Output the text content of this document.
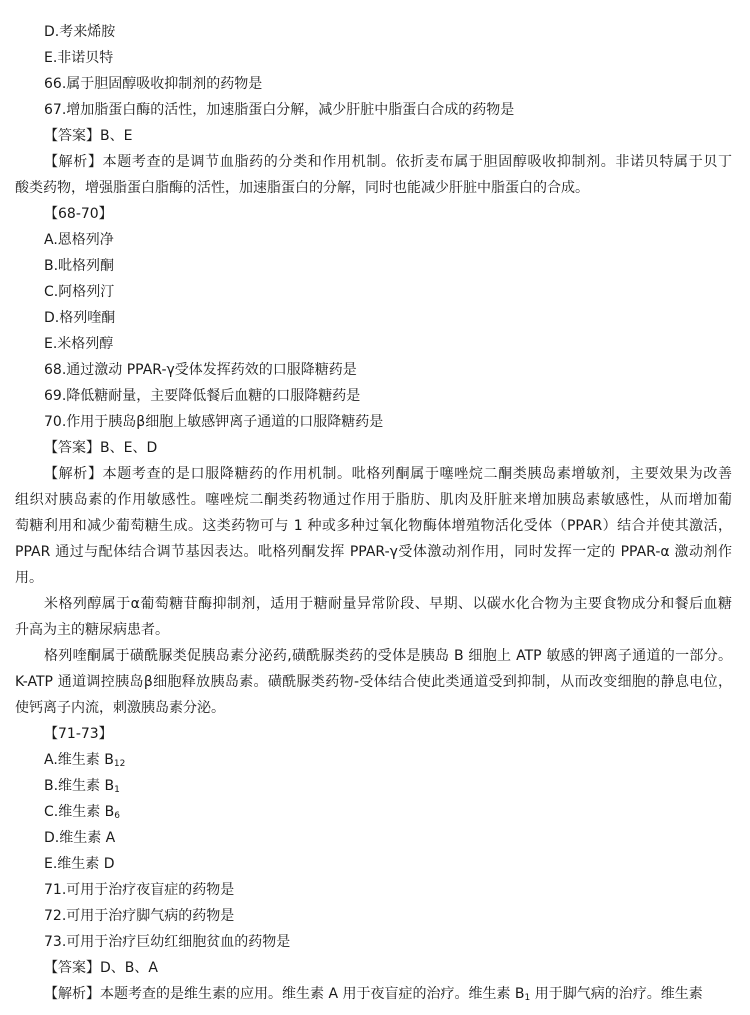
D.考来烯胺
E.非诺贝特
66.属于胆固醇吸收抑制剂的药物是
67.增加脂蛋白酶的活性，加速脂蛋白分解，减少肝脏中脂蛋白合成的药物是
【答案】B、E
【解析】本题考查的是调节血脂药的分类和作用机制。依折麦布属于胆固醇吸收抑制剂。非诺贝特属于贝丁
酸类药物，增强脂蛋白脂酶的活性，加速脂蛋白的分解，同时也能减少肝脏中脂蛋白的合成。
【68-70】
A.恩格列净
B.吡格列酮
C.阿格列汀
D.格列喹酮
E.米格列醇
68.通过激动 PPAR-γ受体发挥药效的口服降糖药是
69.降低糖耐量，主要降低餐后血糖的口服降糖药是
70.作用于胰岛β细胞上敏感钾离子通道的口服降糖药是
【答案】B、E、D
【解析】本题考查的是口服降糖药的作用机制。吡格列酮属于噻唑烷二酮类胰岛素增敏剂，主要效果为改善
组织对胰岛素的作用敏感性。噻唑烷二酮类药物通过作用于脂肪、肌肉及肝脏来增加胰岛素敏感性，从而增加葡
萄糖利用和减少葡萄糖生成。这类药物可与 1 种或多种过氧化物酶体增殖物活化受体（PPAR）结合并使其激活，
PPAR 通过与配体结合调节基因表达。吡格列酮发挥 PPAR-γ受体激动剂作用，同时发挥一定的 PPAR-α 激动剂作
用。
米格列醇属于α葡萄糖苷酶抑制剂，适用于糖耐量异常阶段、早期、以碳水化合物为主要食物成分和餐后血糖
升高为主的糖尿病患者。
格列喹酮属于磺酰脲类促胰岛素分泌药,磺酰脲类药的受体是胰岛 B 细胞上 ATP 敏感的钾离子通道的一部分。
K-ATP 通道调控胰岛β细胞释放胰岛素。磺酰脲类药物-受体结合使此类通道受到抑制，从而改变细胞的静息电位，
使钙离子内流，刺激胰岛素分泌。
【71-73】
A.维生素 $B_{12}$
B.维生素 $B_1$
C.维生素 $B_6$
D.维生素 A
E.维生素 D
71.可用于治疗夜盲症的药物是
72.可用于治疗脚气病的药物是
73.可用于治疗巨幼红细胞贫血的药物是
【答案】D、B、A
【解析】本题考查的是维生素的应用。维生素 A 用于夜盲症的治疗。维生素 $B_1$ 用于脚气病的治疗。维生素
